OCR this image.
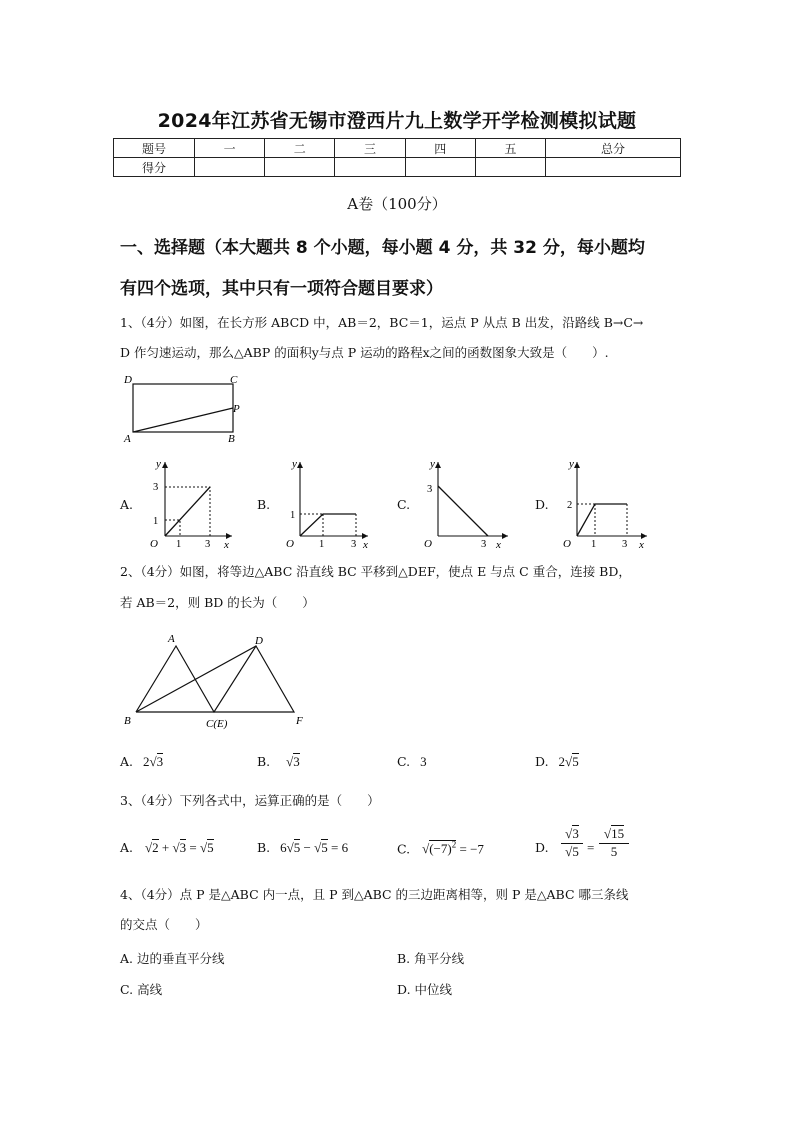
2024年江苏省无锡市澄西片九上数学开学检测模拟试题
题号	一	二	三	四	五	总分
得分						
A卷（100分）
一、选择题（本大题共 8 个小题，每小题 4 分，共 32 分，每小题均
有四个选项，其中只有一项符合题目要求）
1、（4分）如图，在长方形 ABCD 中，AB＝2，BC＝1，运点 P 从点 B 出发，沿路线 B→C→
D 作匀速运动，那么△ABP 的面积y与点 P 运动的路程x之间的函数图象大致是（　　）.
D	C
P
A	B
A.
y
x
O
3
1
1 3
B.
y
x
O
1
1	3
C.
y
x
O
3
3
D.
y
x
O
2
1 3
2、（4分）如图，将等边△ABC 沿直线 BC 平移到△DEF，使点 E 与点 C 重合，连接 BD，
若 AB＝2，则 BD 的长为（　　）
A	D
B	C(E)	F
A. 2√3	B. √3	C. 3	D. 2√5
3、（4分）下列各式中，运算正确的是（　　）
A. √2 + √3 = √5	B. 6√5 − √5 = 6	C. $√(-7)^2 = -7$	D.
√3
√5 =
√15
5
4、（4分）点 P 是△ABC 内一点，且 P 到△ABC 的三边距离相等，则 P 是△ABC 哪三条线
的交点（　　）
A. 边的垂直平分线	B. 角平分线
C. 高线	D. 中位线
